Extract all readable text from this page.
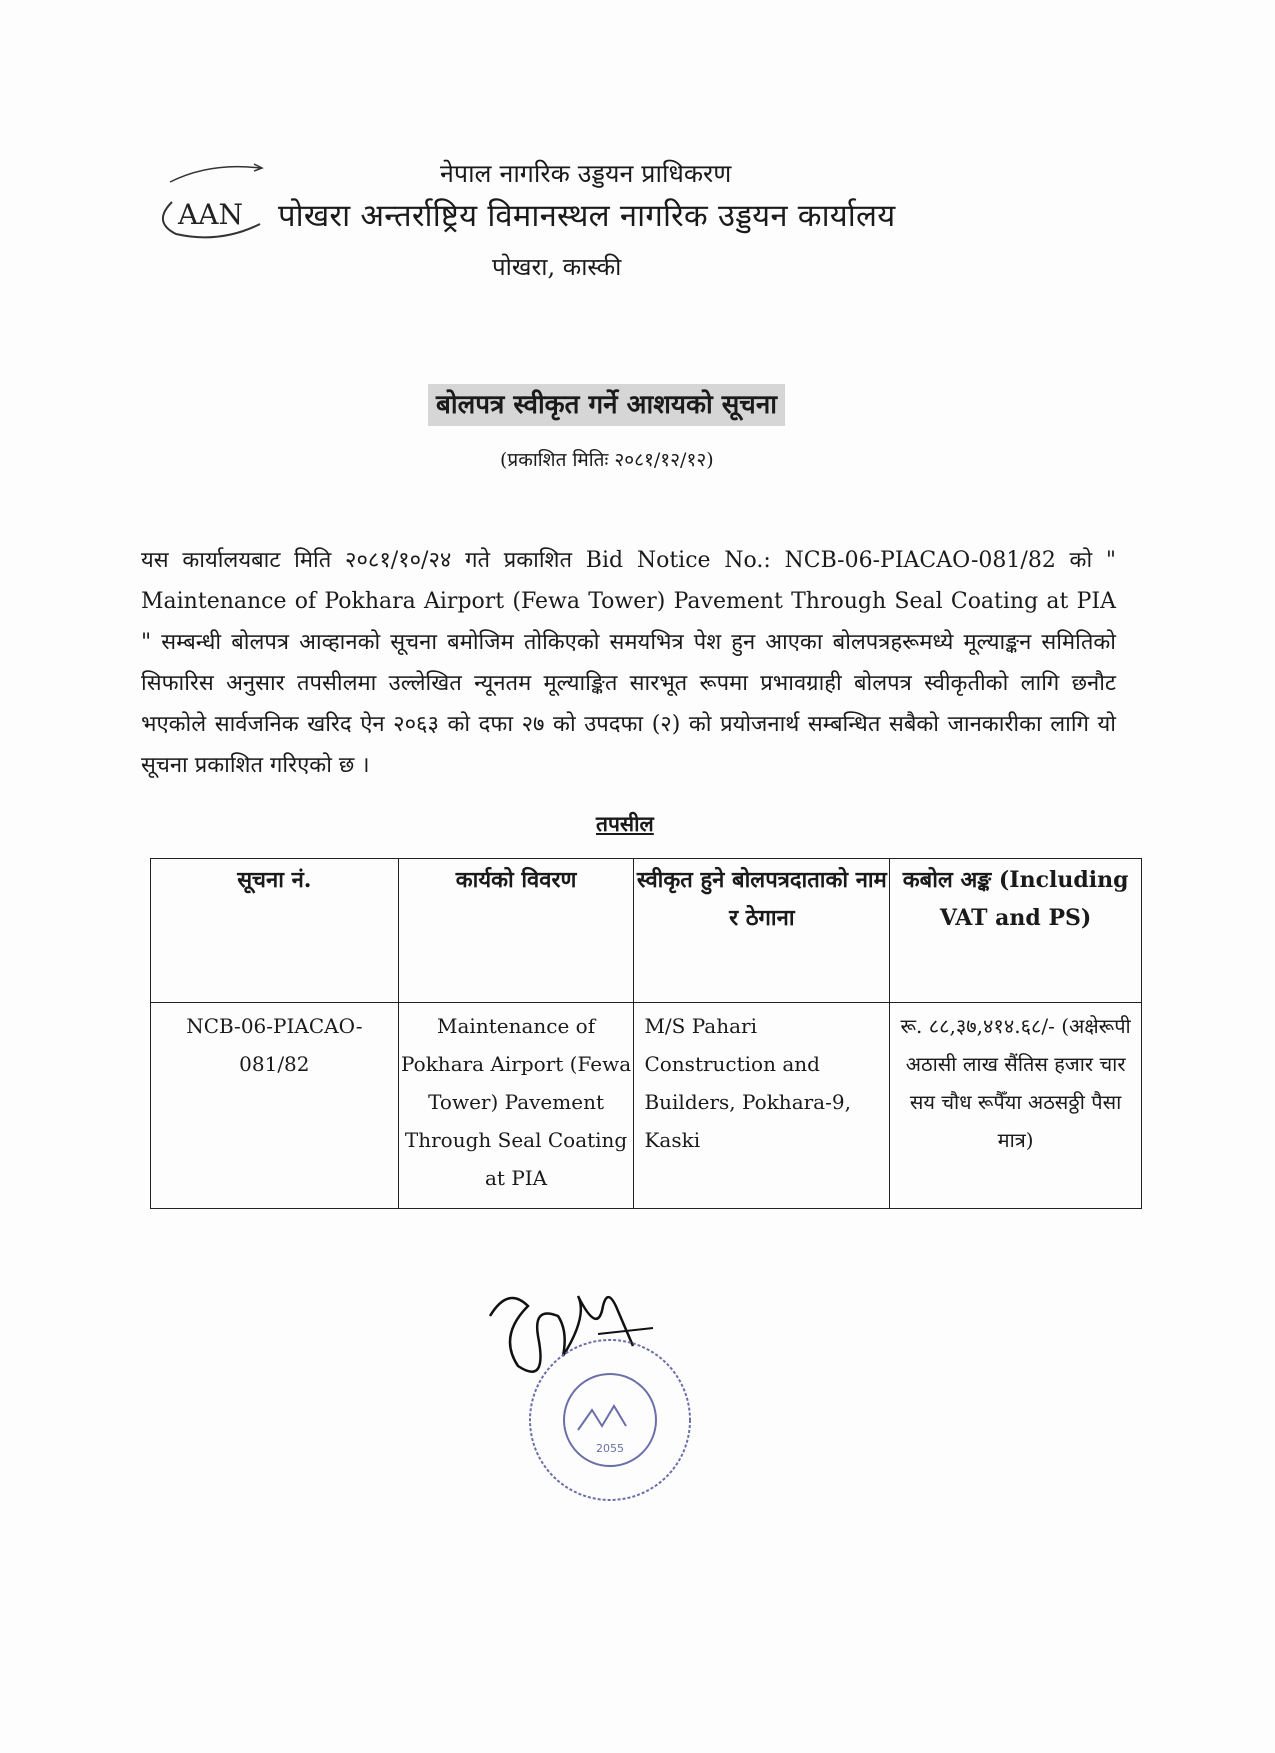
AAN
नेपाल नागरिक उड्डयन प्राधिकरण
पोखरा अन्तर्राष्ट्रिय विमानस्थल नागरिक उड्डयन कार्यालय
पोखरा, कास्की
बोलपत्र स्वीकृत गर्ने आशयको सूचना
(प्रकाशित मितिः २०८१/१२/१२)
यस कार्यालयबाट मिति २०८१/१०/२४ गते प्रकाशित Bid Notice No.: NCB-06-PIACAO-081/82 को " Maintenance of Pokhara Airport (Fewa Tower) Pavement Through Seal Coating at PIA " सम्बन्धी बोलपत्र आव्हानको सूचना बमोजिम तोकिएको समयभित्र पेश हुन आएका बोलपत्रहरूमध्ये मूल्याङ्कन समितिको सिफारिस अनुसार तपसीलमा उल्लेखित न्यूनतम मूल्याङ्कित सारभूत रूपमा प्रभावग्राही बोलपत्र स्वीकृतीको लागि छनौट भएकोले सार्वजनिक खरिद ऐन २०६३ को दफा २७ को उपदफा (२) को प्रयोजनार्थ सम्बन्धित सबैको जानकारीका लागि यो सूचना प्रकाशित गरिएको छ ।
तपसील
सूचना नं.	कार्यको विवरण	स्वीकृत हुने बोलपत्रदाताको नाम र ठेगाना	कबोल अङ्क (Including VAT and PS)
NCB-06-PIACAO-081/82	Maintenance of Pokhara Airport (Fewa Tower) Pavement Through Seal Coating at PIA	M/S Pahari Construction and Builders, Pokhara-9, Kaski	रू. ८८,३७,४१४.६८/- (अक्षेरूपी अठासी लाख सैंतिस हजार चार सय चौध रूपैँया अठसठ्ठी पैसा मात्र)
2055
